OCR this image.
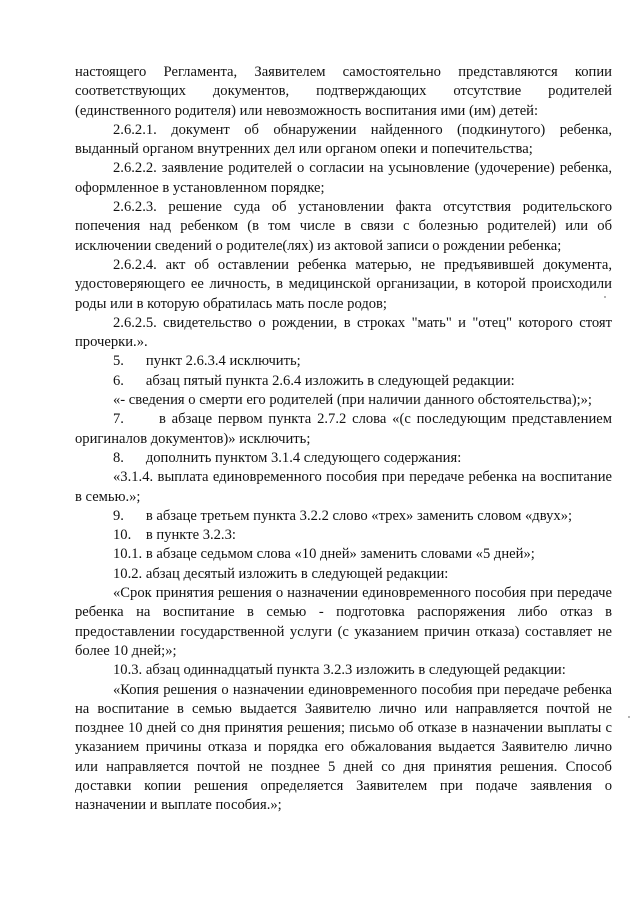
настоящего Регламента, Заявителем самостоятельно представляются копии соответствующих документов, подтверждающих отсутствие родителей (единственного родителя) или невозможность воспитания ими (им) детей:

2.6.2.1. документ об обнаружении найденного (подкинутого) ребенка, выданный органом внутренних дел или органом опеки и попечительства;

2.6.2.2. заявление родителей о согласии на усыновление (удочерение) ребенка, оформленное в установленном порядке;

2.6.2.3. решение суда об установлении факта отсутствия родительского попечения над ребенком (в том числе в связи с болезнью родителей) или об исключении сведений о родителе(лях) из актовой записи о рождении ребенка;

2.6.2.4. акт об оставлении ребенка матерью, не предъявившей документа, удостоверяющего ее личность, в медицинской организации, в которой происходили роды или в которую обратилась мать после родов;

2.6.2.5. свидетельство о рождении, в строках "мать" и "отец" которого стоят прочерки.».

5.      пункт 2.6.3.4 исключить;

6.      абзац пятый пункта 2.6.4 изложить в следующей редакции:

«- сведения о смерти его родителей (при наличии данного обстоятельства);»;

7.      в абзаце первом пункта 2.7.2 слова «(с последующим представлением оригиналов документов)» исключить;

8.      дополнить пунктом 3.1.4 следующего содержания:

«3.1.4. выплата единовременного пособия при передаче ребенка на воспитание в семью.»;

9.      в абзаце третьем пункта 3.2.2 слово «трех» заменить словом «двух»;

10.    в пункте 3.2.3:

10.1. в абзаце седьмом слова «10 дней» заменить словами «5 дней»;

10.2. абзац десятый изложить в следующей редакции:

«Срок принятия решения о назначении единовременного пособия при передаче ребенка на воспитание в семью - подготовка распоряжения либо отказ в предоставлении государственной услуги (с указанием причин отказа) составляет не более 10 дней;»;

10.3. абзац одиннадцатый пункта 3.2.3 изложить в следующей редакции:

«Копия решения о назначении единовременного пособия при передаче ребенка на воспитание в семью выдается Заявителю лично или направляется почтой не позднее 10 дней со дня принятия решения; письмо об отказе в назначении выплаты с указанием причины отказа и порядка его обжалования выдается Заявителю лично или направляется почтой не позднее 5 дней со дня принятия решения. Способ доставки копии решения определяется Заявителем при подаче заявления о назначении и выплате пособия.»;
